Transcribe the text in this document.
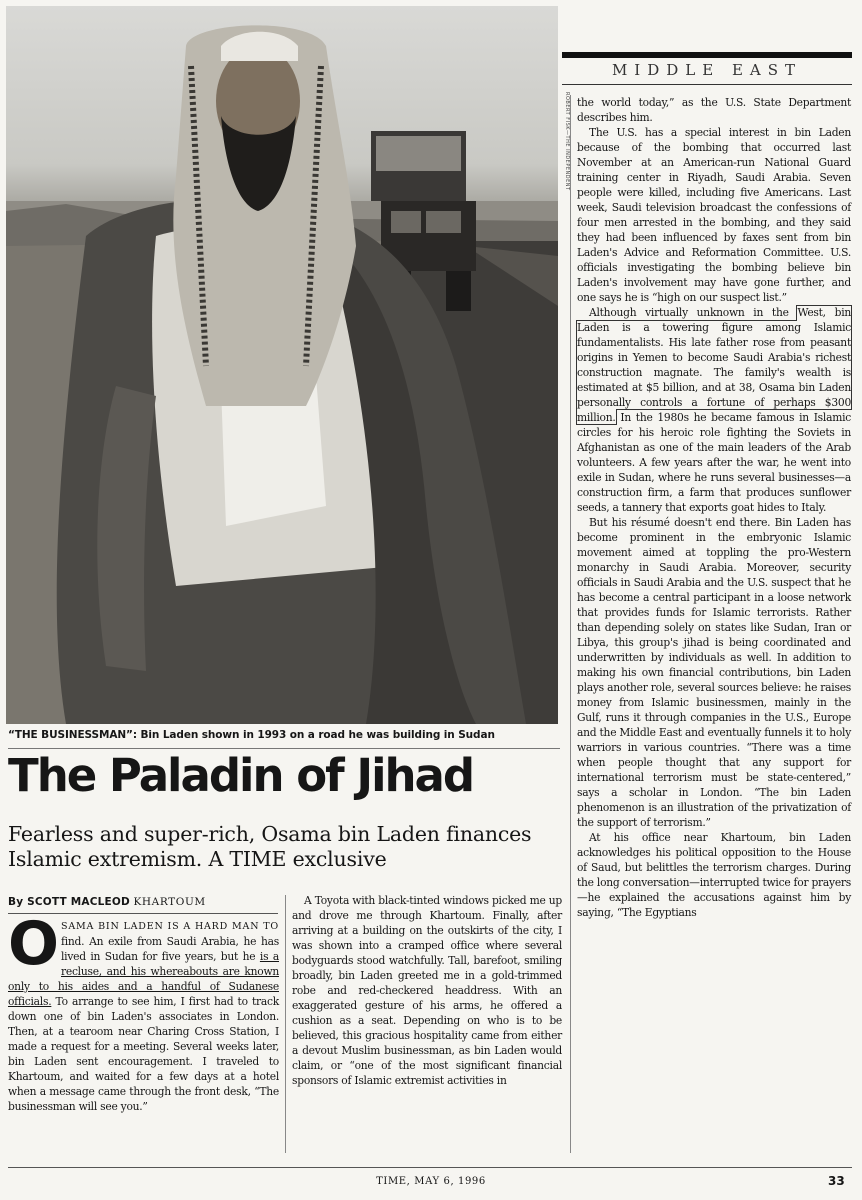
ROBERT FISK—THE INDEPENDENT
“THE BUSINESSMAN”: Bin Laden shown in 1993 on a road he was building in Sudan
MIDDLE EAST
The Paladin of Jihad
Fearless and super-rich, Osama bin Laden finances Islamic extremism. A TIME exclusive
By SCOTT MACLEOD KHARTOUM

OSAMA BIN LADEN IS A HARD MAN TO find. An exile from Saudi Arabia, he has lived in Sudan for five years, but he is a recluse, and his whereabouts are known only to his aides and a handful of Sudanese officials. To arrange to see him, I first had to track down one of bin Laden's associates in London. Then, at a tearoom near Charing Cross Station, I made a request for a meeting. Several weeks later, bin Laden sent encouragement. I traveled to Khartoum, and waited for a few days at a hotel when a message came through the front desk, “The businessman will see you.”

A Toyota with black-tinted windows picked me up and drove me through Khartoum. Finally, after arriving at a building on the outskirts of the city, I was shown into a cramped office where several bodyguards stood watchfully. Tall, barefoot, smiling broadly, bin Laden greeted me in a gold-trimmed robe and red-checkered headdress. With an exaggerated gesture of his arms, he offered a cushion as a seat. Depending on who is to be believed, this gracious hospitality came from either a devout Muslim businessman, as bin Laden would claim, or “one of the most significant financial sponsors of Islamic extremist activities in

the world today,” as the U.S. State Department describes him.

The U.S. has a special interest in bin Laden because of the bombing that occurred last November at an American-run National Guard training center in Riyadh, Saudi Arabia. Seven people were killed, including five Americans. Last week, Saudi television broadcast the confessions of four men arrested in the bombing, and they said they had been influenced by faxes sent from bin Laden's Advice and Reformation Committee. U.S. officials investigating the bombing believe bin Laden's involvement may have gone further, and one says he is “high on our suspect list.”

Although virtually unknown in the West, bin Laden is a towering figure among Islamic fundamentalists. His late father rose from peasant origins in Yemen to become Saudi Arabia's richest construction magnate. The family's wealth is estimated at $5 billion, and at 38, Osama bin Laden personally controls a fortune of perhaps $300 million. In the 1980s he became famous in Islamic circles for his heroic role fighting the Soviets in Afghanistan as one of the main leaders of the Arab volunteers. A few years after the war, he went into exile in Sudan, where he runs several businesses—a construction firm, a farm that produces sunflower seeds, a tannery that exports goat hides to Italy.

But his résumé doesn't end there. Bin Laden has become prominent in the embryonic Islamic movement aimed at toppling the pro-Western monarchy in Saudi Arabia. Moreover, security officials in Saudi Arabia and the U.S. suspect that he has become a central participant in a loose network that provides funds for Islamic terrorists. Rather than depending solely on states like Sudan, Iran or Libya, this group's jihad is being coordinated and underwritten by individuals as well. In addition to making his own financial contributions, bin Laden plays another role, several sources believe: he raises money from Islamic businessmen, mainly in the Gulf, runs it through companies in the U.S., Europe and the Middle East and eventually funnels it to holy warriors in various countries. “There was a time when people thought that any support for international terrorism must be state-centered,” says a scholar in London. “The bin Laden phenomenon is an illustration of the privatization of the support of terrorism.”

At his office near Khartoum, bin Laden acknowledges his political opposition to the House of Saud, but belittles the terrorism charges. During the long conversation—interrupted twice for prayers—he explained the accusations against him by saying, “The Egyptians

TIME, MAY 6, 1996	33
